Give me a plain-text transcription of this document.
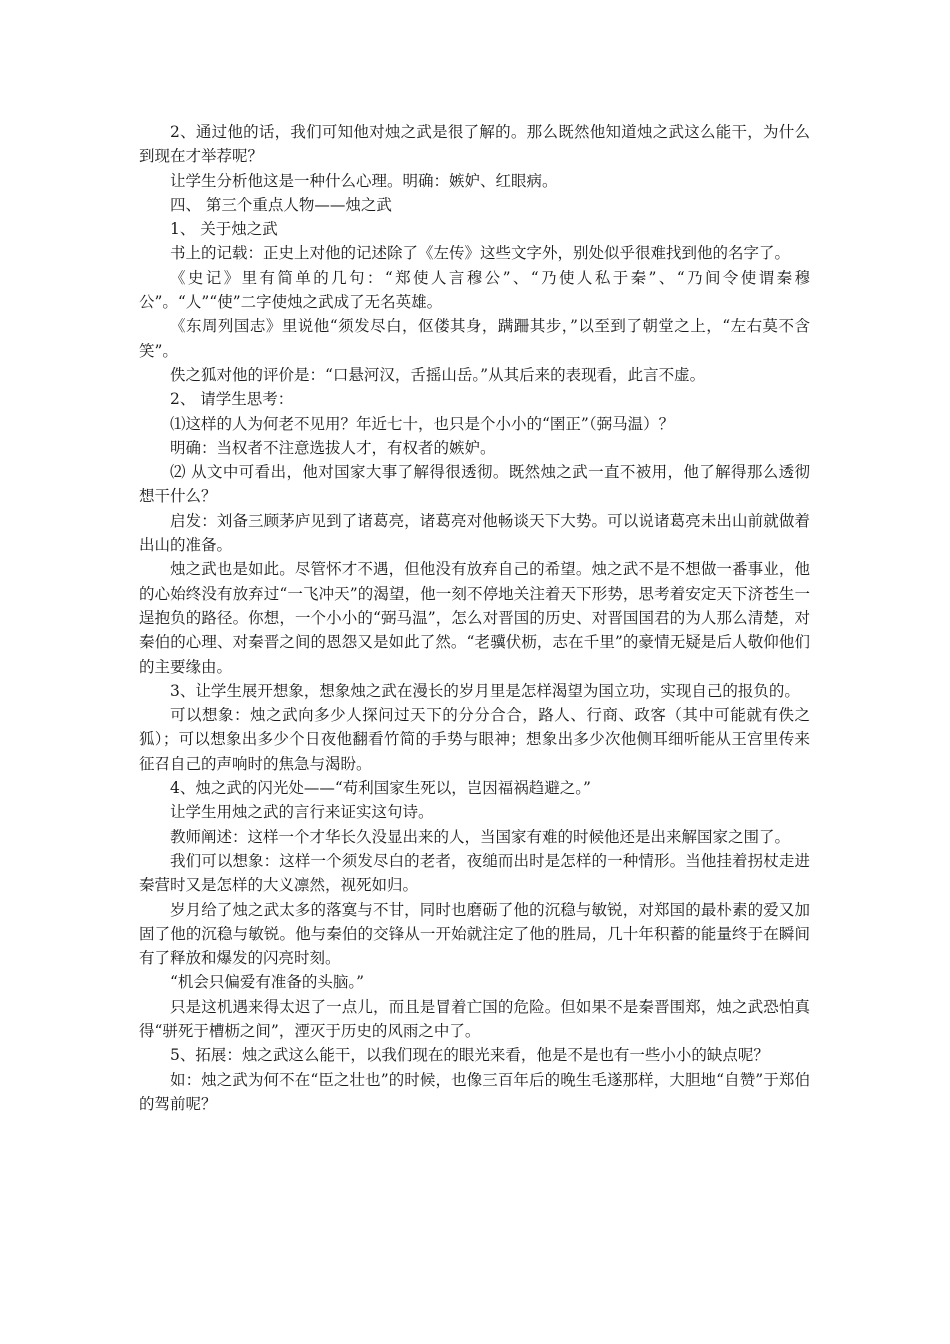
2、通过他的话，我们可知他对烛之武是很了解的。那么既然他知道烛之武这么能干，为什么到现在才举荐呢？

让学生分析他这是一种什么心理。明确：嫉妒、红眼病。

四、 第三个重点人物——烛之武

1、 关于烛之武

书上的记载：正史上对他的记述除了《左传》这些文字外，别处似乎很难找到他的名字了。

《史记》里有简单的几句：“郑使人言穆公”、“乃使人私于秦”、“乃间令使谓秦穆公”。“人”“使”二字使烛之武成了无名英雄。

《东周列国志》里说他“须发尽白，伛偻其身，蹒跚其步，”以至到了朝堂之上，“左右莫不含笑”。

佚之狐对他的评价是：“口悬河汉，舌摇山岳。”从其后来的表现看，此言不虚。

2、 请学生思考：

⑴这样的人为何老不见用？年近七十，也只是个小小的“圉正”（弼马温）？

明确：当权者不注意选拔人才，有权者的嫉妒。

⑵ 从文中可看出，他对国家大事了解得很透彻。既然烛之武一直不被用，他了解得那么透彻想干什么？

启发：刘备三顾茅庐见到了诸葛亮，诸葛亮对他畅谈天下大势。可以说诸葛亮未出山前就做着出山的准备。

烛之武也是如此。尽管怀才不遇，但他没有放弃自己的希望。烛之武不是不想做一番事业，他的心始终没有放弃过“一飞冲天”的渴望，他一刻不停地关注着天下形势，思考着安定天下济苍生一逞抱负的路径。你想，一个小小的“弼马温”，怎么对晋国的历史、对晋国国君的为人那么清楚，对秦伯的心理、对秦晋之间的恩怨又是如此了然。“老骥伏枥，志在千里”的豪情无疑是后人敬仰他们的主要缘由。

3、让学生展开想象，想象烛之武在漫长的岁月里是怎样渴望为国立功，实现自己的报负的。

可以想象：烛之武向多少人探问过天下的分分合合，路人、行商、政客（其中可能就有佚之狐）；可以想象出多少个日夜他翻看竹简的手势与眼神；想象出多少次他侧耳细听能从王宫里传来征召自己的声响时的焦急与渴盼。

4、烛之武的闪光处——“苟利国家生死以，岂因福祸趋避之。”

让学生用烛之武的言行来证实这句诗。

教师阐述：这样一个才华长久没显出来的人，当国家有难的时候他还是出来解国家之围了。

我们可以想象：这样一个须发尽白的老者，夜缒而出时是怎样的一种情形。当他挂着拐杖走进秦营时又是怎样的大义凛然，视死如归。

岁月给了烛之武太多的落寞与不甘，同时也磨砺了他的沉稳与敏锐，对郑国的最朴素的爱又加固了他的沉稳与敏锐。他与秦伯的交锋从一开始就注定了他的胜局，几十年积蓄的能量终于在瞬间有了释放和爆发的闪亮时刻。

“机会只偏爱有准备的头脑。”

只是这机遇来得太迟了一点儿，而且是冒着亡国的危险。但如果不是秦晋围郑，烛之武恐怕真得“骈死于槽枥之间”，湮灭于历史的风雨之中了。

5、拓展：烛之武这么能干，以我们现在的眼光来看，他是不是也有一些小小的缺点呢？

如：烛之武为何不在“臣之壮也”的时候，也像三百年后的晚生毛遂那样，大胆地“自赞”于郑伯的驾前呢？
